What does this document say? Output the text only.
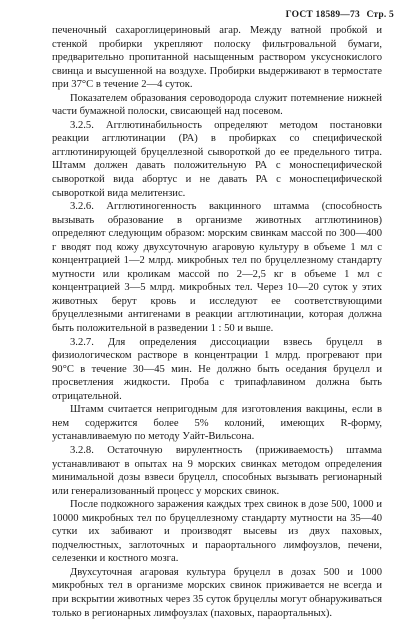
ГОСТ 18589—73 Стр. 5

печеночный сахароглицериновый агар. Между ватной пробкой и стенкой пробирки укрепляют полоску фильтровальной бумаги, предварительно пропитанной насыщенным раствором уксуснокислого свинца и высушенной на воздухе. Пробирки выдерживают в термостате при 37°С в течение 2—4 суток.

Показателем образования сероводорода служит потемнение нижней части бумажной полоски, свисающей над посевом.

3.2.5. Агглютинабильность определяют методом постановки реакции агглютинации (РА) в пробирках со специфической агглютинирующей бруцеллезной сывороткой до ее предельного титра. Штамм должен давать положительную РА с моноспецифической сывороткой вида абортус и не давать РА с моноспецифической сывороткой вида мелитензис.

3.2.6. Агглютиногенность вакцинного штамма (способность вызывать образование в организме животных агглютининов) определяют следующим образом: морским свинкам массой по 300—400 г вводят под кожу двухсуточную агаровую культуру в объеме 1 мл с концентрацией 1—2 млрд. микробных тел по бруцеллезному стандарту мутности или кроликам массой по 2—2,5 кг в объеме 1 мл с концентрацией 3—5 млрд. микробных тел. Через 10—20 суток у этих животных берут кровь и исследуют ее соответствующими бруцеллезными антигенами в реакции агглютинации, которая должна быть положительной в разведении 1 : 50 и выше.

3.2.7. Для определения диссоциации взвесь бруцелл в физиологическом растворе в концентрации 1 млрд. прогревают при 90°С в течение 30—45 мин. Не должно быть оседания бруцелл и просветления жидкости. Проба с трипафлавином должна быть отрицательной.

Штамм считается непригодным для изготовления вакцины, если в нем содержится более 5% колоний, имеющих R-форму, устанавливаемую по методу Уайт-Вильсона.

3.2.8. Остаточную вирулентность (приживаемость) штамма устанавливают в опытах на 9 морских свинках методом определения минимальной дозы взвеси бруцелл, способных вызывать регионарный или генерализованный процесс у морских свинок.

После подкожного заражения каждых трех свинок в дозе 500, 1000 и 10000 микробных тел по бруцеллезному стандарту мутности на 35—40 сутки их забивают и производят высевы из двух паховых, подчелюстных, заглоточных и параортального лимфоузлов, печени, селезенки и костного мозга.

Двухсуточная агаровая культура бруцелл в дозах 500 и 1000 микробных тел в организме морских свинок приживается не всегда и при вскрытии животных через 35 суток бруцеллы могут обнаруживаться только в регионарных лимфоузлах (паховых, параортальных).
